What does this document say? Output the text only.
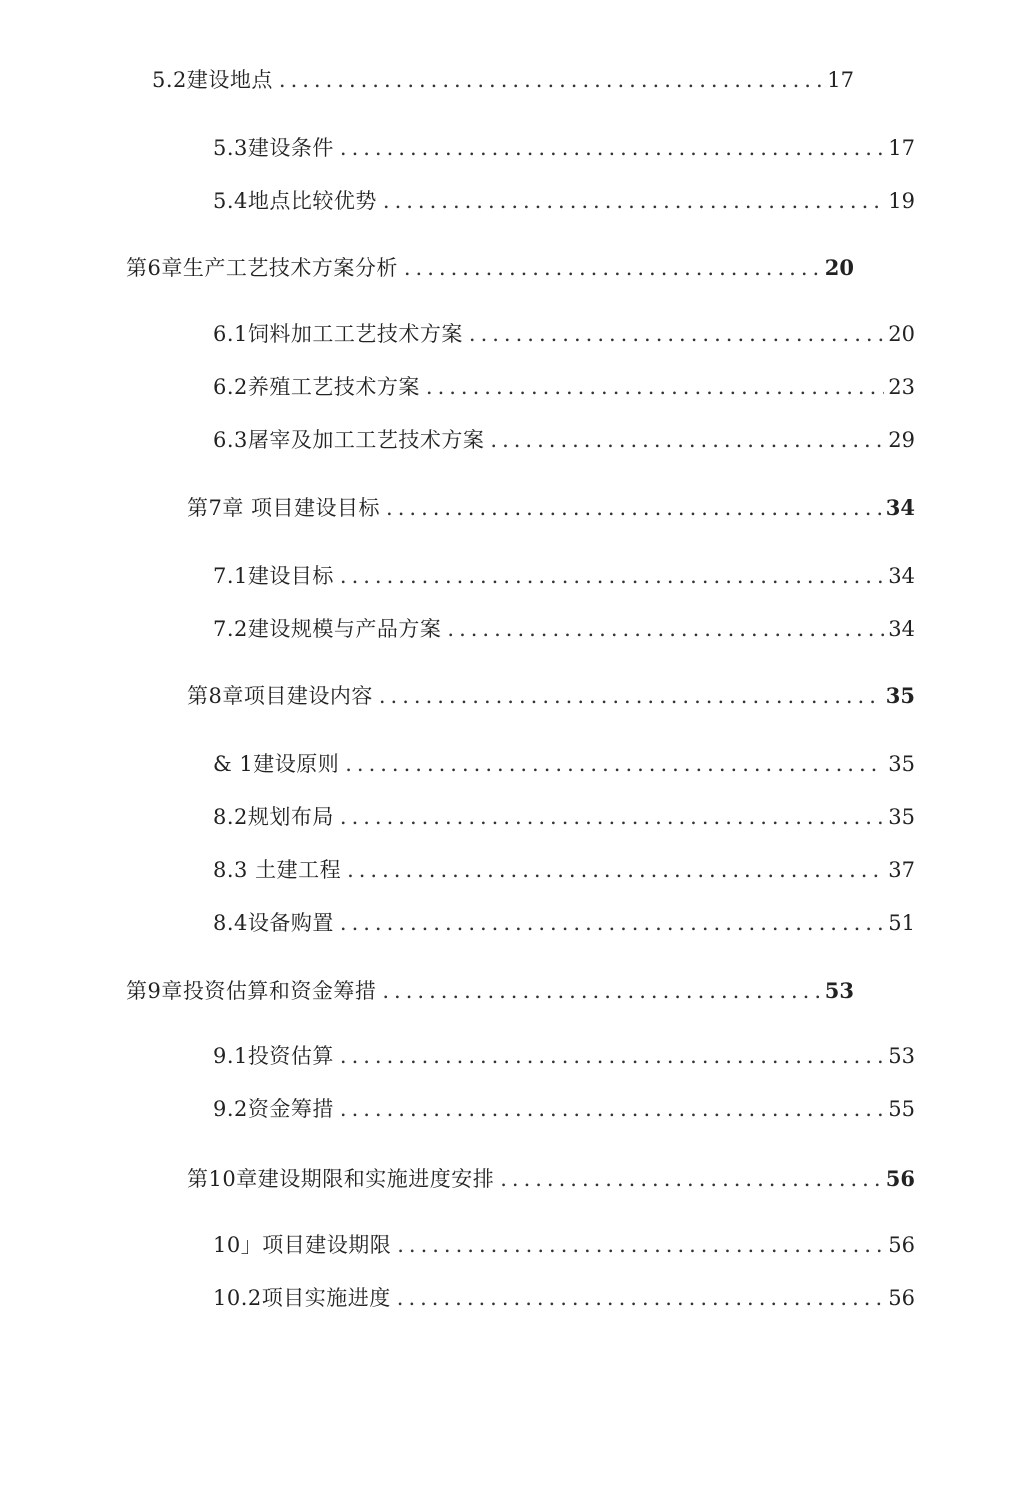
5.2建设地点 .....	17
5.3建设条件 .....	17
5.4地点比较优势 .....	19
第6章生产工艺技术方案分析 .....	20
6.1饲料加工工艺技术方案 .....	20
6.2养殖工艺技术方案 .....	23
6.3屠宰及加工工艺技术方案 .....	29
第7章 项目建设目标 .....	34
7.1建设目标 .....	34
7.2建设规模与产品方案 .....	34
第8章项目建设内容 .....	35
& 1建设原则 .....	35
8.2规划布局 .....	35
8.3 土建工程 .....	37
8.4设备购置 .....	51
第9章投资估算和资金筹措 .....	53
9.1投资估算 .....	53
9.2资金筹措 .....	55
第10章建设期限和实施进度安排 .....	56
10」项目建设期限 .....	56
10.2项目实施进度 .....	56
